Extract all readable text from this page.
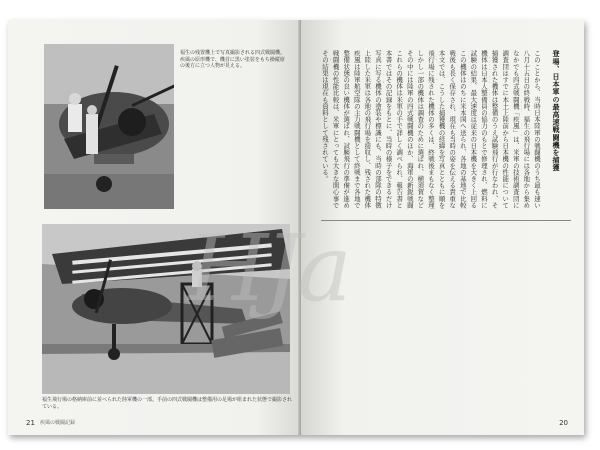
福生の残置機上で写真撮影される四式戦闘機。疾風の原形機で、機首に黒い塗装をもち操縦席の後方に立つ人物が見える。
福生飛行場の格納庫前に並べられた陸軍機の一部。手前の四式戦闘機は整備用の足場が組まれた状態で撮影されている。
21 疾風の戦闘記録
登場、日本軍の最高速戦闘機を捕獲
20
このことから、当時日本陸軍の戦闘機のうち最も速い
八月十五日の終戦時、福生の飛行場には各地から集め
なかでも四式戦闘機「疾風」は、米軍の技術調査団に
調査団はすでに本土上陸前から日本機の性能について
捕獲された機体は整備のうえ試験飛行が行なわれ、そ
機体は日本人整備員の協力のもとで修理され、燃料に
試験の結果、最大速度は従来の日本機を大きく上回る
この機体はのちに米本国へ送られ、各地の基地で比較
戦後も長く保存され、現在も当時の姿を伝える貴重な
本文では、こうした捕獲機の経緯を写真とともに順を
飛行場に残された機体の多くは、終戦後まもなく整理
しかし一部の機体は調査のために選ばれ、横須賀など
その中には陸軍の四式戦闘機のほか、海軍の新鋭戦闘
これらの機体は米軍の手で詳しく調べられ、報告書と
本書ではその記録をもとに、当時の様子をできるだけ
写真に写る機体の塗装や標識にも、当時の部隊の特徴
上陸した米軍は各地の飛行場を接収し、残された機体
疾風は陸軍航空隊の主力戦闘機として終戦まで各地で
整備状態の良い機体が選ばれ、試験飛行の準備が進め
戦闘機の性能比較は、米軍にとっても大きな関心事で
その結果は現在も資料として残されている。
HJa
